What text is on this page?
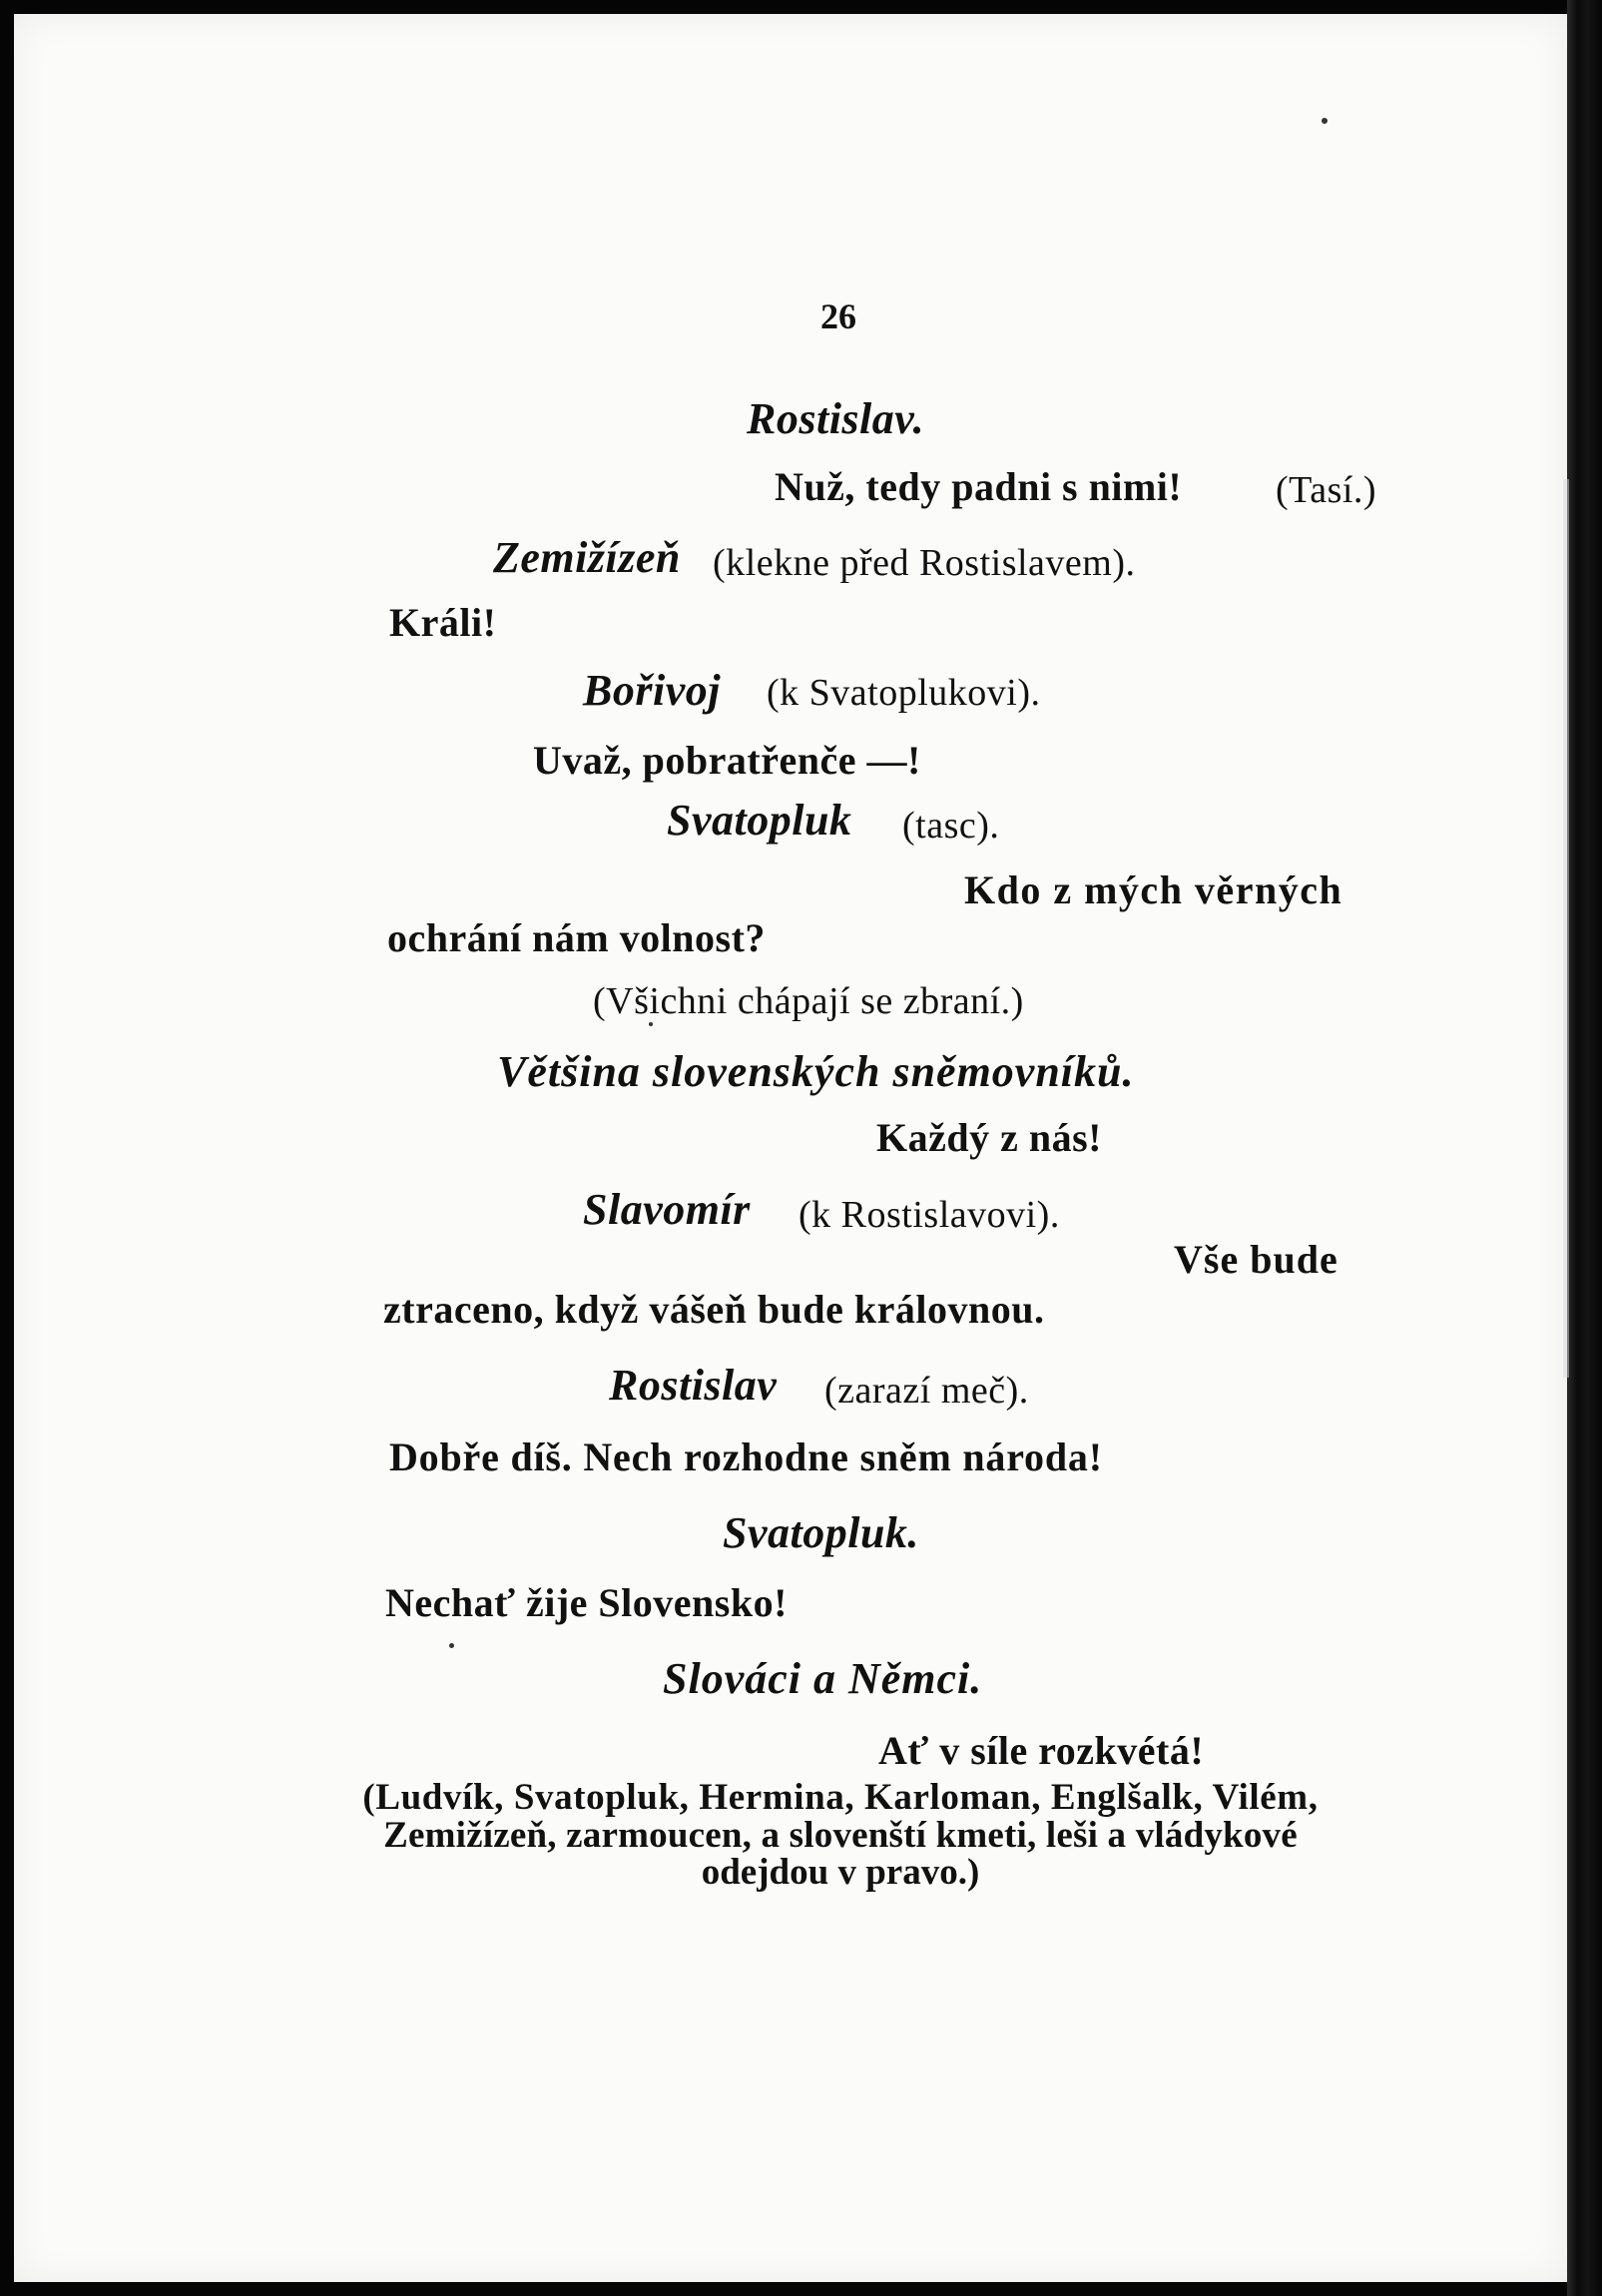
26
Rostislav.
Nuž, tedy padni s nimi! (Tasí.)
Zemižízeň (klekne před Rostislavem).
Králi!
Bořivoj (k Svatoplukovi).
Uvaž, pobratřenče —!
Svatopluk (tasc).
Kdo z mých věrných
ochrání nám volnost?
(Všichni chápají se zbraní.)
Většina slovenských sněmovníků.
Každý z nás!
Slavomír (k Rostislavovi).
Vše bude
ztraceno, když vášeň bude královnou.
Rostislav (zarazí meč).
Dobře díš. Nech rozhodne sněm národa!
Svatopluk.
Nechať žije Slovensko!
Slováci a Němci.
Ať v síle rozkvétá!
(Ludvík, Svatopluk, Hermina, Karloman, Englšalk, Vilém,
Zemižízeň, zarmoucen, a slovenští kmeti, leši a vládykové
odejdou v pravo.)
